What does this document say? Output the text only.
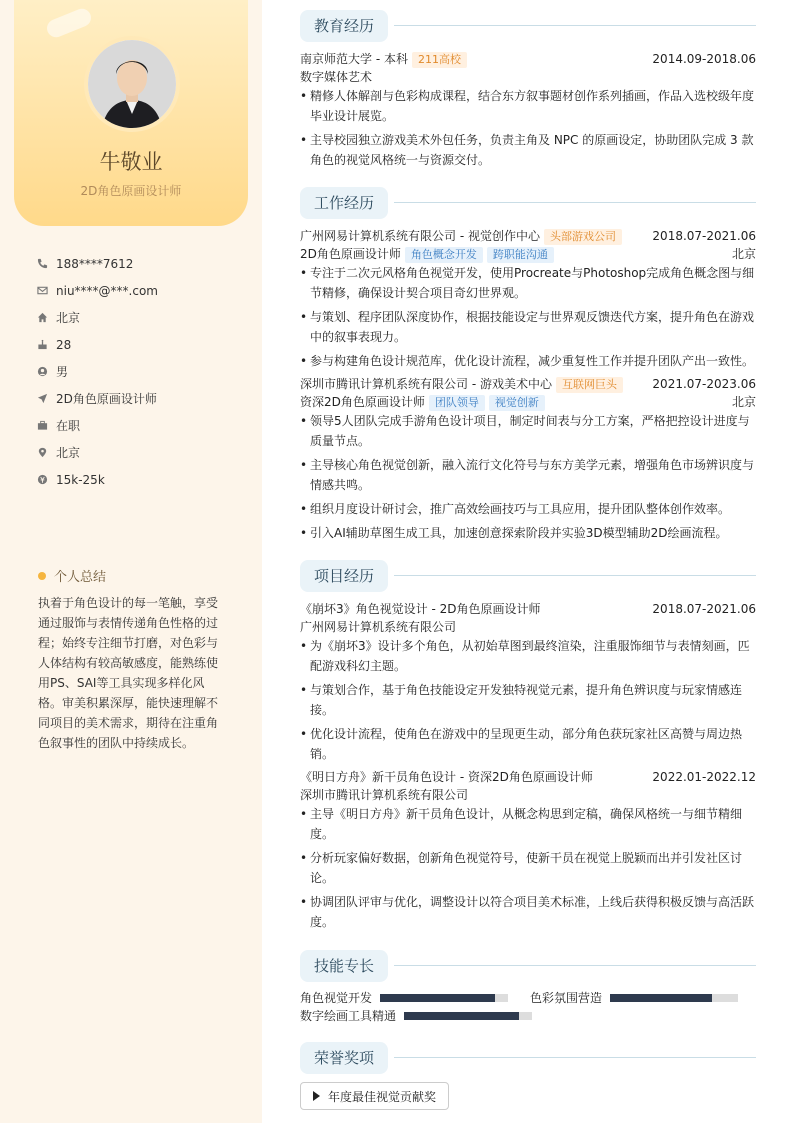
牛敬业
2D角色原画设计师
188****7612
niu****@***.com
北京
28
男
2D角色原画设计师
在职
北京
15k-25k
个人总结
执着于角色设计的每一笔触，享受通过服饰与表情传递角色性格的过程；始终专注细节打磨，对色彩与人体结构有较高敏感度，能熟练使用PS、SAI等工具实现多样化风格。审美积累深厚，能快速理解不同项目的美术需求，期待在注重角色叙事性的团队中持续成长。
教育经历
南京师范大学 - 本科 211高校	2014.09-2018.06
数字媒体艺术
• 精修人体解剖与色彩构成课程，结合东方叙事题材创作系列插画，作品入选校级年度毕业设计展览。
• 主导校园独立游戏美术外包任务，负责主角及 NPC 的原画设定，协助团队完成 3 款角色的视觉风格统一与资源交付。
工作经历
广州网易计算机系统有限公司 - 视觉创作中心 头部游戏公司	2018.07-2021.06
2D角色原画设计师 角色概念开发 跨职能沟通	北京
• 专注于二次元风格角色视觉开发，使用Procreate与Photoshop完成角色概念图与细节精修，确保设计契合项目奇幻世界观。
• 与策划、程序团队深度协作，根据技能设定与世界观反馈迭代方案，提升角色在游戏中的叙事表现力。
• 参与构建角色设计规范库，优化设计流程，减少重复性工作并提升团队产出一致性。
深圳市腾讯计算机系统有限公司 - 游戏美术中心 互联网巨头	2021.07-2023.06
资深2D角色原画设计师 团队领导 视觉创新	北京
• 领导5人团队完成手游角色设计项目，制定时间表与分工方案，严格把控设计进度与质量节点。
• 主导核心角色视觉创新，融入流行文化符号与东方美学元素，增强角色市场辨识度与情感共鸣。
• 组织月度设计研讨会，推广高效绘画技巧与工具应用，提升团队整体创作效率。
• 引入AI辅助草图生成工具，加速创意探索阶段并实验3D模型辅助2D绘画流程。
项目经历
《崩坏3》角色视觉设计 - 2D角色原画设计师	2018.07-2021.06
广州网易计算机系统有限公司
• 为《崩坏3》设计多个角色，从初始草图到最终渲染，注重服饰细节与表情刻画，匹配游戏科幻主题。
• 与策划合作，基于角色技能设定开发独特视觉元素，提升角色辨识度与玩家情感连接。
• 优化设计流程，使角色在游戏中的呈现更生动，部分角色获玩家社区高赞与周边热销。
《明日方舟》新干员角色设计 - 资深2D角色原画设计师	2022.01-2022.12
深圳市腾讯计算机系统有限公司
• 主导《明日方舟》新干员角色设计，从概念构思到定稿，确保风格统一与细节精细度。
• 分析玩家偏好数据，创新角色视觉符号，使新干员在视觉上脱颖而出并引发社区讨论。
• 协调团队评审与优化，调整设计以符合项目美术标准，上线后获得积极反馈与高活跃度。
技能专长
角色视觉开发	色彩氛围营造
数字绘画工具精通
荣誉奖项
年度最佳视觉贡献奖
